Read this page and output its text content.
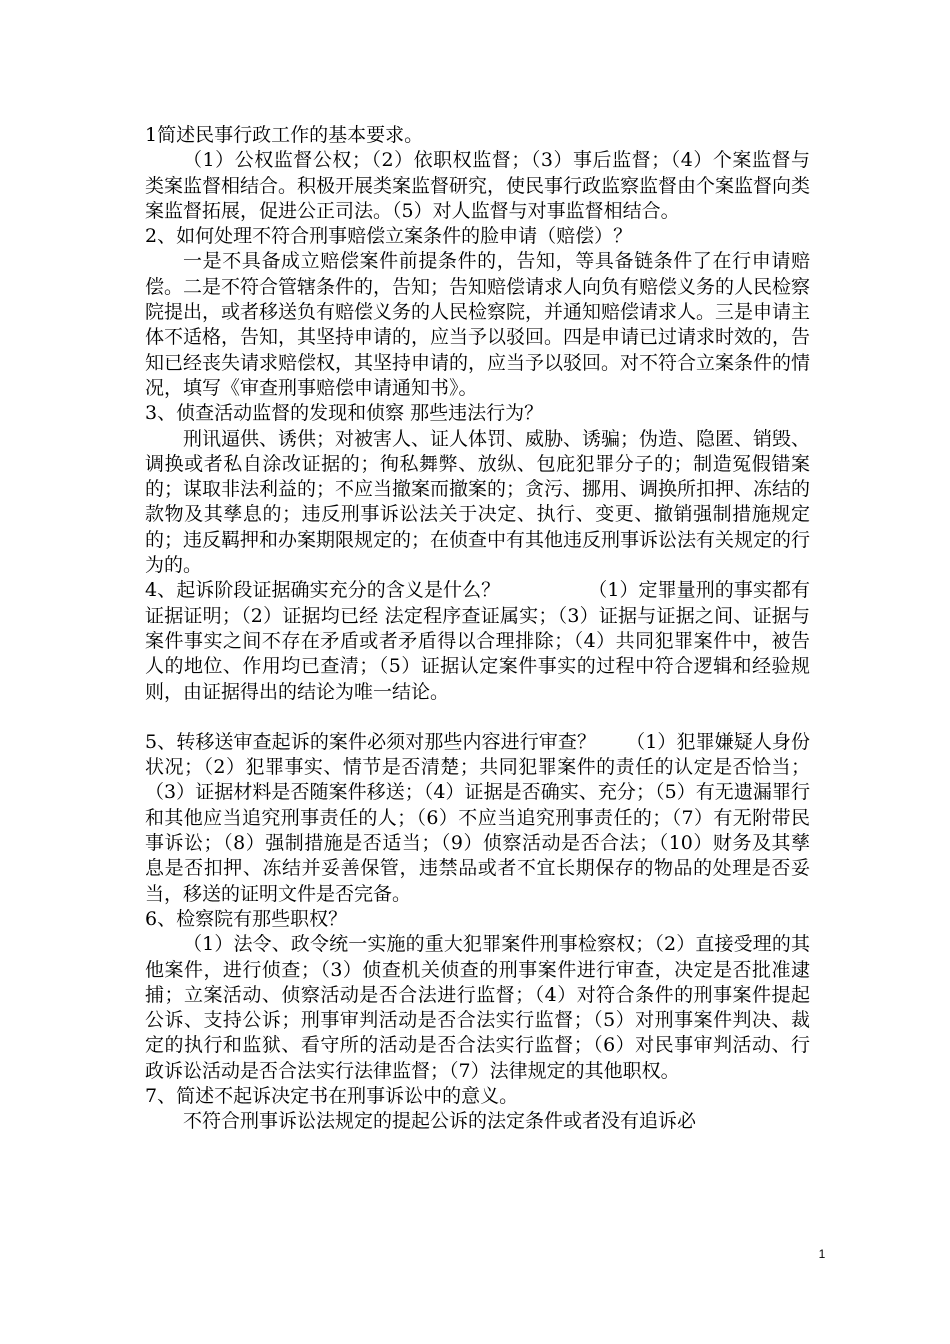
1简述民事行政工作的基本要求。

（1）公权监督公权；（2）依职权监督；（3）事后监督；（4）个案监督与类案监督相结合。积极开展类案监督研究，使民事行政监察监督由个案监督向类案监督拓展，促进公正司法。（5）对人监督与对事监督相结合。

2、如何处理不符合刑事赔偿立案条件的脸申请（赔偿）？

一是不具备成立赔偿案件前提条件的，告知，等具备链条件了在行申请赔偿。二是不符合管辖条件的，告知；告知赔偿请求人向负有赔偿义务的人民检察院提出，或者移送负有赔偿义务的人民检察院，并通知赔偿请求人。三是申请主体不适格，告知，其坚持申请的，应当予以驳回。四是申请已过请求时效的，告知已经丧失请求赔偿权，其坚持申请的，应当予以驳回。对不符合立案条件的情况，填写《审查刑事赔偿申请通知书》。

3、侦查活动监督的发现和侦察 那些违法行为？

刑讯逼供、诱供；对被害人、证人体罚、威胁、诱骗；伪造、隐匿、销毁、调换或者私自涂改证据的；徇私舞弊、放纵、包庇犯罪分子的；制造冤假错案的；谋取非法利益的；不应当撤案而撤案的；贪污、挪用、调换所扣押、冻结的款物及其孳息的；违反刑事诉讼法关于决定、执行、变更、撤销强制措施规定的；违反羁押和办案期限规定的；在侦查中有其他违反刑事诉讼法有关规定的行为的。

4、起诉阶段证据确实充分的含义是什么？	（1）定罪量刑的事实都有证据证明；（2）证据均已经 法定程序查证属实；（3）证据与证据之间、证据与案件事实之间不存在矛盾或者矛盾得以合理排除；（4）共同犯罪案件中，被告人的地位、作用均已查清；（5）证据认定案件事实的过程中符合逻辑和经验规则，由证据得出的结论为唯一结论。

5、转移送审查起诉的案件必须对那些内容进行审查？ （1）犯罪嫌疑人身份状况；（2）犯罪事实、情节是否清楚；共同犯罪案件的责任的认定是否恰当；（3）证据材料是否随案件移送；（4）证据是否确实、充分；（5）有无遗漏罪行和其他应当追究刑事责任的人；（6）不应当追究刑事责任的；（7）有无附带民事诉讼；（8）强制措施是否适当；（9）侦察活动是否合法；（10）财务及其孳息是否扣押、冻结并妥善保管，违禁品或者不宜长期保存的物品的处理是否妥当，移送的证明文件是否完备。

6、检察院有那些职权？

（1）法令、政令统一实施的重大犯罪案件刑事检察权；（2）直接受理的其他案件，进行侦查；（3）侦查机关侦查的刑事案件进行审查，决定是否批准逮捕；立案活动、侦察活动是否合法进行监督；（4）对符合条件的刑事案件提起公诉、支持公诉；刑事审判活动是否合法实行监督；（5）对刑事案件判决、裁定的执行和监狱、看守所的活动是否合法实行监督；（6）对民事审判活动、行政诉讼活动是否合法实行法律监督；（7）法律规定的其他职权。

7、简述不起诉决定书在刑事诉讼中的意义。

不符合刑事诉讼法规定的提起公诉的法定条件或者没有追诉必

1
